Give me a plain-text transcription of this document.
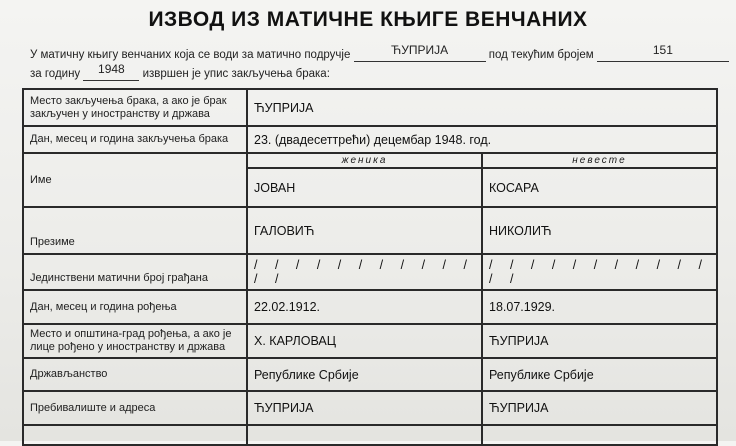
ИЗВОД ИЗ МАТИЧНЕ КЊИГЕ ВЕНЧАНИХ
У матичну књигу венчаних која се води за матично подручје	ЋУПРИЈА	под текућим бројем	151
за годину 1948 извршен је упис закључења брака:
Место закључења брака, а ако је брак
закључен у иностранству и држава	ЋУПРИЈА	
Дан, месец и година закључења брака	23. (двадесеттрећи) децембар 1948. год.	
Име	женика	невесте
	JОВАН	КОСАРА
Презиме	ГАЛОВИЋ	НИКОЛИЋ
Јединствени матични број грађана	/ / / / / / / / / / / / /	/ / / / / / / / / / / / /
Дан, месец и година рођења	22.02.1912.	18.07.1929.

Место и општина-град рођења, а ако је
лице рођено у иностранству и држава	Х. КАРЛОВАЦ	ЋУПРИЈА
Држављанство	Републике Србије	Републике Србије
Пребивалиште и адреса	ЋУПРИЈА	ЋУПРИЈА
